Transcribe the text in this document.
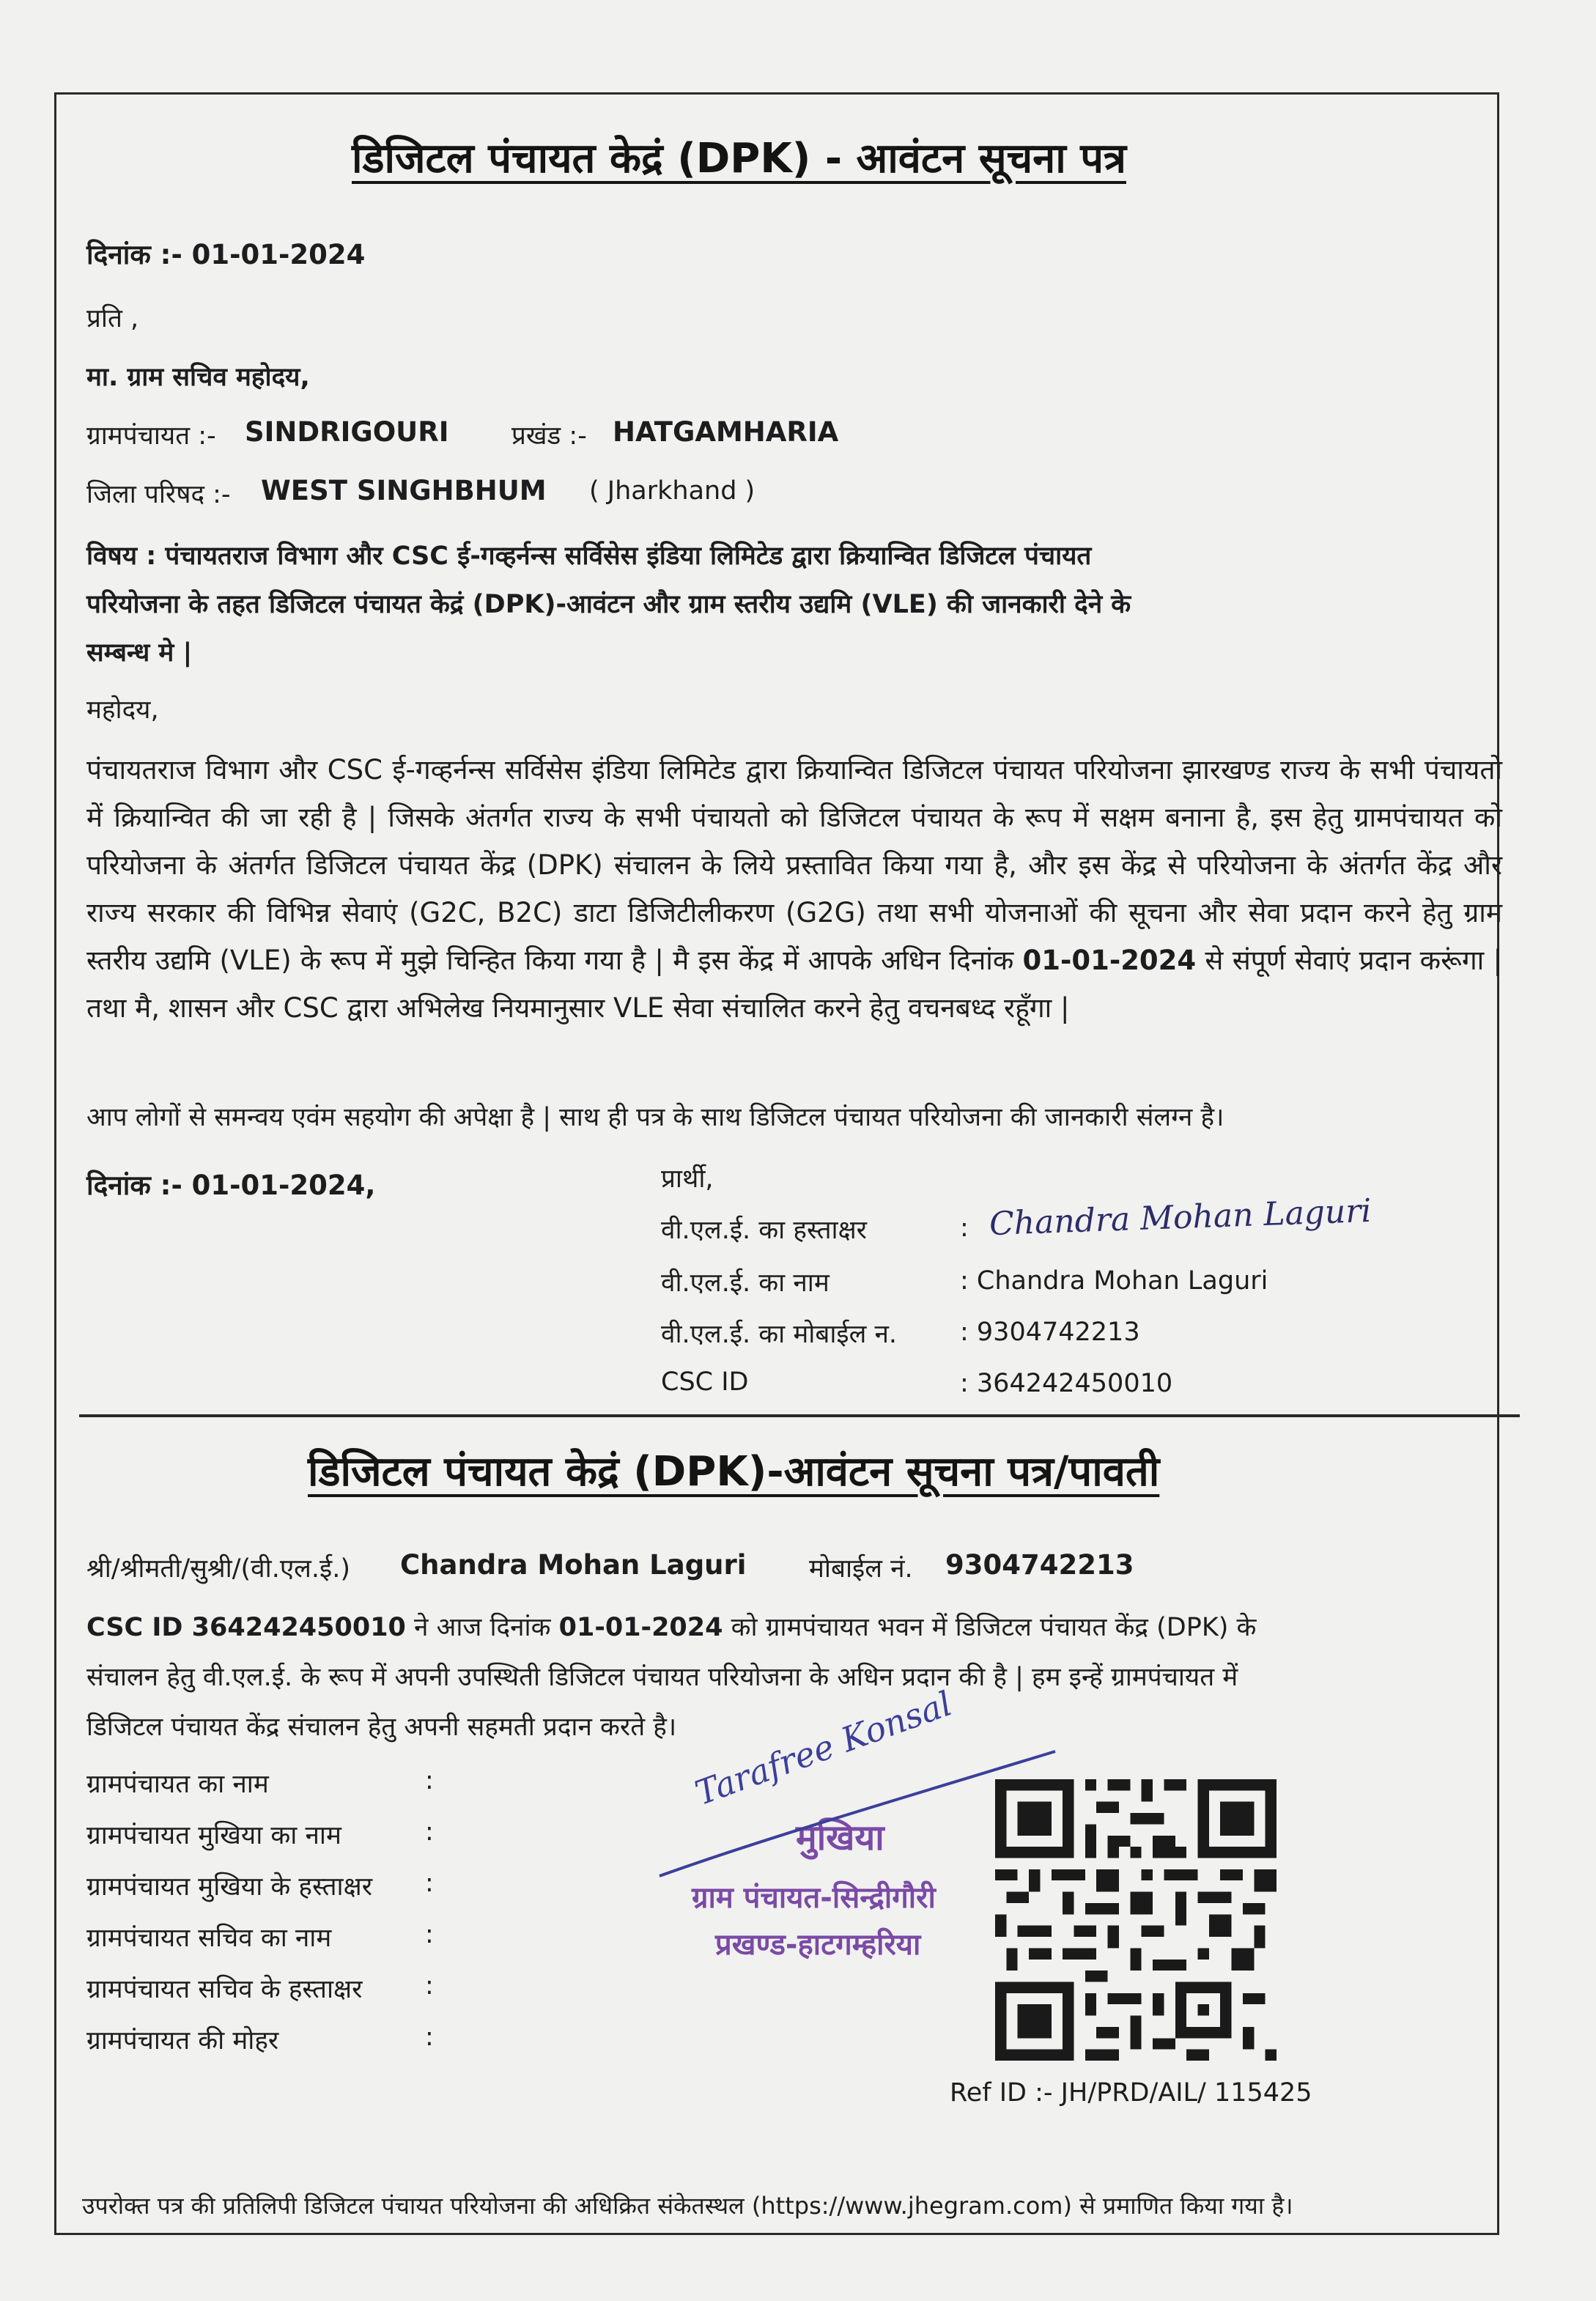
डिजिटल पंचायत केद्रं (DPK) - आवंटन सूचना पत्र
दिनांक :- 01-01-2024
प्रति ,
मा. ग्राम सचिव महोदय,
ग्रामपंचायत :- SINDRIGOURI प्रखंड :- HATGAMHARIA
जिला परिषद :- WEST SINGHBHUM ( Jharkhand )
विषय : पंचायतराज विभाग और CSC ई-गव्हर्नन्स सर्विसेस इंडिया लिमिटेड द्वारा क्रियान्वित डिजिटल पंचायत
परियोजना के तहत डिजिटल पंचायत केद्रं (DPK)-आवंटन और ग्राम स्तरीय उद्यमि (VLE) की जानकारी देने के
सम्बन्ध मे |
महोदय,
पंचायतराज विभाग और CSC ई-गव्हर्नन्स सर्विसेस इंडिया लिमिटेड द्वारा क्रियान्वित डिजिटल पंचायत परियोजना झारखण्ड राज्य के सभी पंचायतो में क्रियान्वित की जा रही है | जिसके अंतर्गत राज्य के सभी पंचायतो को डिजिटल पंचायत के रूप में सक्षम बनाना है, इस हेतु ग्रामपंचायत को परियोजना के अंतर्गत डिजिटल पंचायत केंद्र (DPK) संचालन के लिये प्रस्तावित किया गया है, और इस केंद्र से परियोजना के अंतर्गत केंद्र और राज्य सरकार की विभिन्न सेवाएं (G2C, B2C) डाटा डिजिटीलीकरण (G2G) तथा सभी योजनाओं की सूचना और सेवा प्रदान करने हेतु ग्राम स्तरीय उद्यमि (VLE) के रूप में मुझे चिन्हित किया गया है | मै इस केंद्र में आपके अधिन दिनांक 01-01-2024 से संपूर्ण सेवाएं प्रदान करूंगा | तथा मै, शासन और CSC द्वारा अभिलेख नियमानुसार VLE सेवा संचालित करने हेतु वचनबध्द रहूँगा |
आप लोगों से समन्वय एवंम सहयोग की अपेक्षा है | साथ ही पत्र के साथ डिजिटल पंचायत परियोजना की जानकारी संलग्न है।
दिनांक :- 01-01-2024,	प्रार्थी,
वी.एल.ई. का हस्ताक्षर	: Chandra Mohan Laguri
वी.एल.ई. का नाम	: Chandra Mohan Laguri
वी.एल.ई. का मोबाईल न. : 9304742213
CSC ID	: 364242450010
डिजिटल पंचायत केद्रं (DPK)-आवंटन सूचना पत्र/पावती
श्री/श्रीमती/सुश्री/(वी.एल.ई.) Chandra Mohan Laguri मोबाईल नं. 9304742213
CSC ID 364242450010 ने आज दिनांक 01-01-2024 को ग्रामपंचायत भवन में डिजिटल पंचायत केंद्र (DPK) के
संचालन हेतु वी.एल.ई. के रूप में अपनी उपस्थिती डिजिटल पंचायत परियोजना के अधिन प्रदान की है | हम इन्हें ग्रामपंचायत में
डिजिटल पंचायत केंद्र संचालन हेतु अपनी सहमती प्रदान करते है।
ग्रामपंचायत का नाम	:
ग्रामपंचायत मुखिया का नाम	:
ग्रामपंचायत मुखिया के हस्ताक्षर :
ग्रामपंचायत सचिव का नाम	:
ग्रामपंचायत सचिव के हस्ताक्षर :
ग्रामपंचायत की मोहर	:
मुखिया
ग्राम पंचायत-सिन्द्रीगौरी
प्रखण्ड-हाटगम्हरिया
Tarafree Konsal
Ref ID :- JH/PRD/AIL/ 115425
उपरोक्त पत्र की प्रतिलिपी डिजिटल पंचायत परियोजना की अधिक्रित संकेतस्थल (https://www.jhegram.com) से प्रमाणित किया गया है।
